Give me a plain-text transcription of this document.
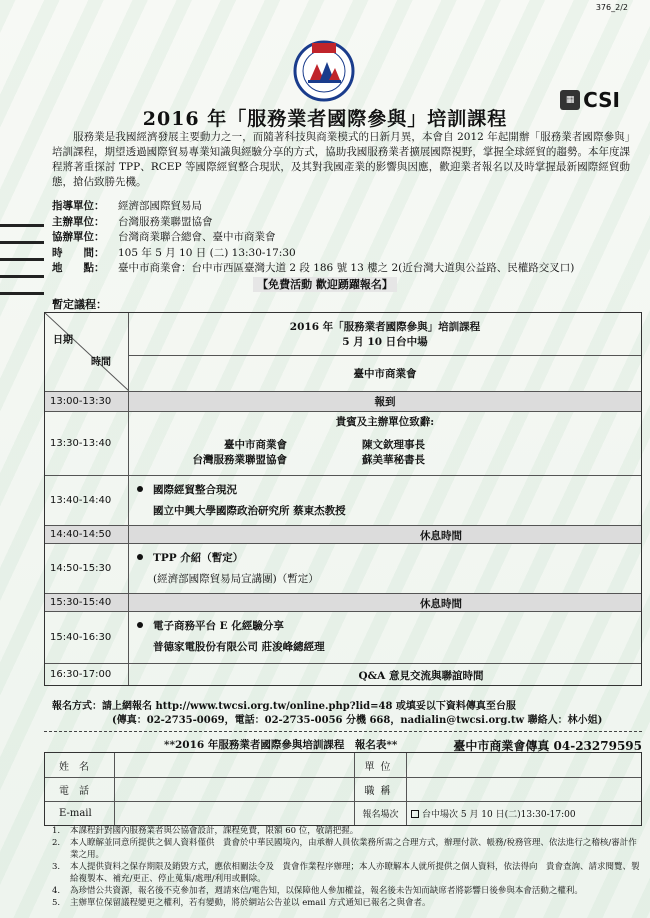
376_2/2
▦ CSI
2016 年「服務業者國際參與」培訓課程
服務業是我國經濟發展主要動力之一，而隨著科技與商業模式的日新月異，本會自 2012 年起開辦「服務業者國際參與」培訓課程，期望透過國際貿易專業知識與經驗分享的方式，協助我國服務業者擴展國際視野，掌握全球經貿的趨勢。本年度課程將著重探討 TPP、RCEP 等國際經貿整合現狀，及其對我國產業的影響與因應，歡迎業者報名以及時掌握最新國際經貿動態，搶佔致勝先機。
指導單位：	經濟部國際貿易局
主辦單位：	台灣服務業聯盟協會
協辦單位：	台灣商業聯合總會、臺中市商業會
時　　間：	105 年 5 月 10 日 (二) 13:30-17:30
地　　點：	臺中市商業會：台中市西區臺灣大道 2 段 186 號 13 樓之 2(近台灣大道與公益路、民權路交叉口)
【免費活動 歡迎踴躍報名】
暫定議程：
日期
時間
2016 年「服務業者國際參與」培訓課程
5 月 10 日台中場
臺中市商業會
13:00-13:30	報到
13:30-13:40
貴賓及主辦單位致辭:
臺中市商業會	陳文欽理事長
台灣服務業聯盟協會	蘇美華秘書長
13:40-14:40
國際經貿整合現況
國立中興大學國際政治研究所 蔡東杰教授
14:40-14:50	休息時間
14:50-15:30
TPP 介紹（暫定）
(經濟部國際貿易局宣講團)（暫定）
15:30-15:40	休息時間
15:40-16:30
電子商務平台 E 化經驗分享
普德家電股份有限公司 莊浚峰總經理
16:30-17:00	Q&A 意見交流與聯誼時間
報名方式：請上網報名 http://www.twcsi.org.tw/online.php?lid=48 或填妥以下資料傳真至台服
(傳真：02-2735-0069，電話：02-2735-0056 分機 668，nadialin@twcsi.org.tw 聯絡人：林小姐)
**2016 年服務業者國際參與培訓課程　報名表**	臺中市商業會傳真 04-23279595
姓名	單位
電話	職稱
E-mail	報名場次	台中場次 5 月 10 日(二)13:30-17:00
1. 本課程針對國內服務業者與公協會設計，課程免費，限額 60 位，敬請把握。
2. 本人瞭解並同意所提供之個人資料僅供　貴會於中華民國境內，由承辦人員依業務所需之合理方式，辦理付款、帳務/稅務管理、依法進行之稽核/審計作業之用。
3. 本人提供資料之保存期限及銷毀方式，應依相關法令及　貴會作業程序辦理；本人亦瞭解本人就所提供之個人資料，依法得向　貴會查詢、請求閱覽、製給複製本、補充/更正、停止蒐集/處理/利用或刪除。
4. 為珍惜公共資源，報名後不克參加者，週請來信/電告知，以保障他人參加權益，報名後未告知而缺席者將影響日後參與本會活動之權利。
5. 主辦單位保留議程變更之權利，若有變動，將於網站公告並以 email 方式通知已報名之與會者。
